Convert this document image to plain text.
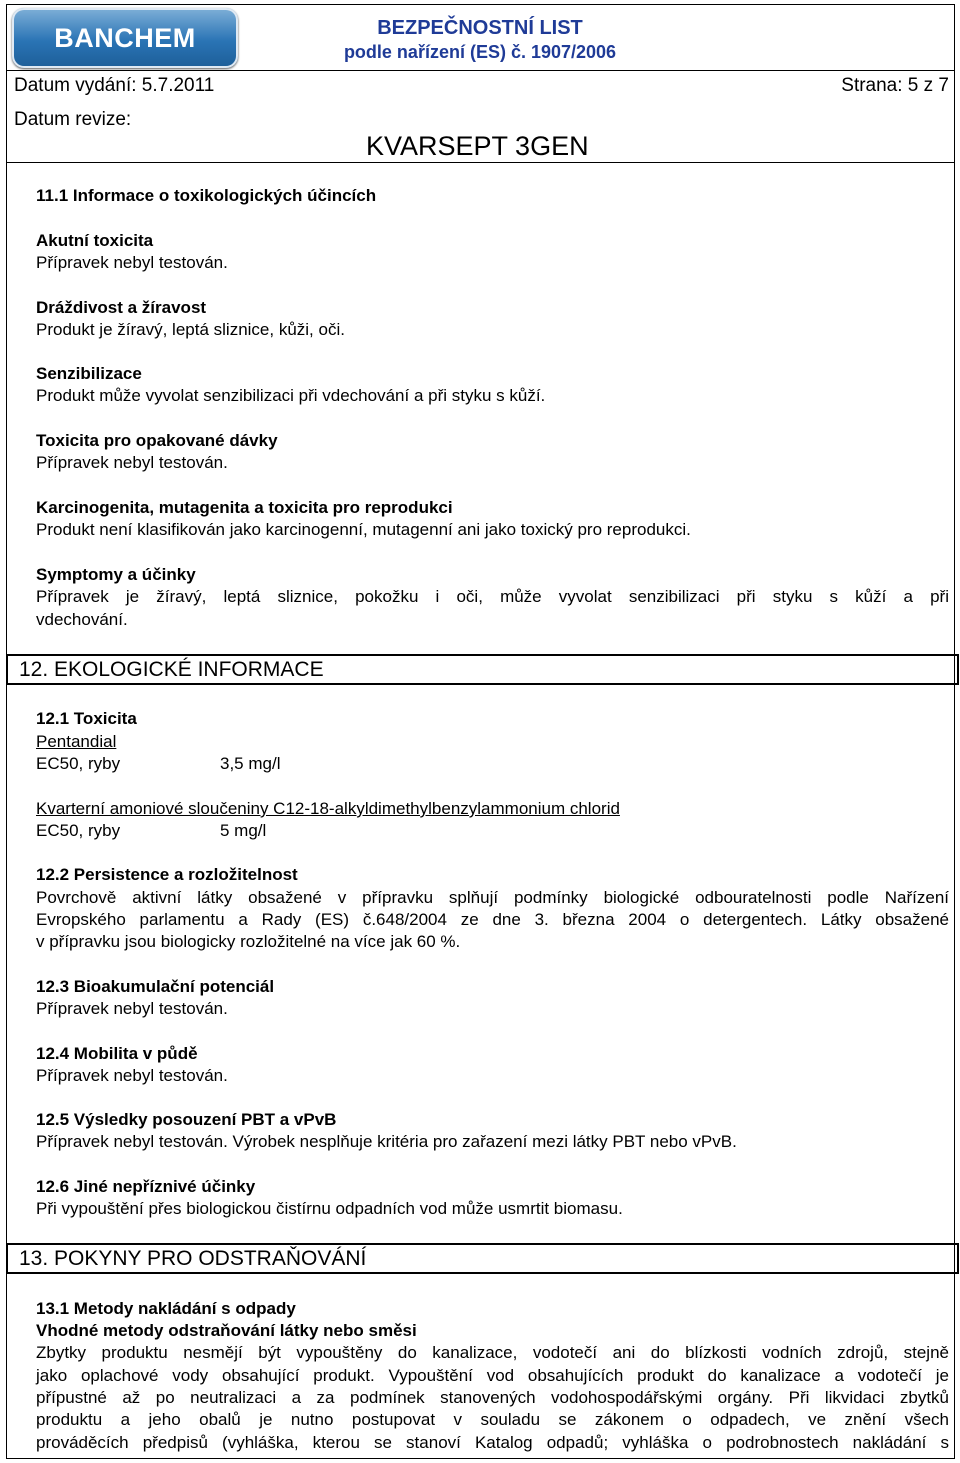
BANCHEM	BEZPEČNOSTNÍ LIST
podle nařízení (ES) č. 1907/2006
Datum vydání: 5.7.2011	Strana: 5 z 7
Datum revize:
KVARSEPT 3GEN
11.1 Informace o toxikologických účincích
Akutní toxicita
Přípravek nebyl testován.
Dráždivost a žíravost
Produkt je žíravý, leptá sliznice, kůži, oči.
Senzibilizace
Produkt může vyvolat senzibilizaci při vdechování a při styku s kůží.
Toxicita pro opakované dávky
Přípravek nebyl testován.
Karcinogenita, mutagenita a toxicita pro reprodukci
Produkt není klasifikován jako karcinogenní, mutagenní ani jako toxický pro reprodukci.
Symptomy a účinky
Přípravek je žíravý, leptá sliznice, pokožku i oči, může vyvolat senzibilizaci při styku s kůží a při
vdechování.
12. EKOLOGICKÉ INFORMACE
12.1 Toxicita
Pentandial
EC50, ryby	3,5 mg/l
Kvarterní amoniové sloučeniny C12-18-alkyldimethylbenzylammonium chlorid
EC50, ryby	5 mg/l
12.2 Persistence a rozložitelnost
Povrchově aktivní látky obsažené v přípravku splňují podmínky biologické odbouratelnosti podle Nařízení
Evropského parlamentu a Rady (ES) č.648/2004 ze dne 3. března 2004 o detergentech. Látky obsažené
v přípravku jsou biologicky rozložitelné na více jak 60 %.
12.3 Bioakumulační potenciál
Přípravek nebyl testován.
12.4 Mobilita v půdě
Přípravek nebyl testován.
12.5 Výsledky posouzení PBT a vPvB
Přípravek nebyl testován. Výrobek nesplňuje kritéria pro zařazení mezi látky PBT nebo vPvB.
12.6 Jiné nepříznivé účinky
Při vypouštění přes biologickou čistírnu odpadních vod může usmrtit biomasu.
13. POKYNY PRO ODSTRAŇOVÁNÍ
13.1 Metody nakládání s odpady
Vhodné metody odstraňování látky nebo směsi
Zbytky produktu nesmějí být vypouštěny do kanalizace, vodotečí ani do blízkosti vodních zdrojů, stejně
jako oplachové vody obsahující produkt. Vypouštění vod obsahujících produkt do kanalizace a vodotečí je
přípustné až po neutralizaci a za podmínek stanovených vodohospodářskými orgány. Při likvidaci zbytků
produktu a jeho obalů je nutno postupovat v souladu se zákonem o odpadech, ve znění všech
prováděcích předpisů (vyhláška, kterou se stanoví Katalog odpadů; vyhláška o podrobnostech nakládání s
